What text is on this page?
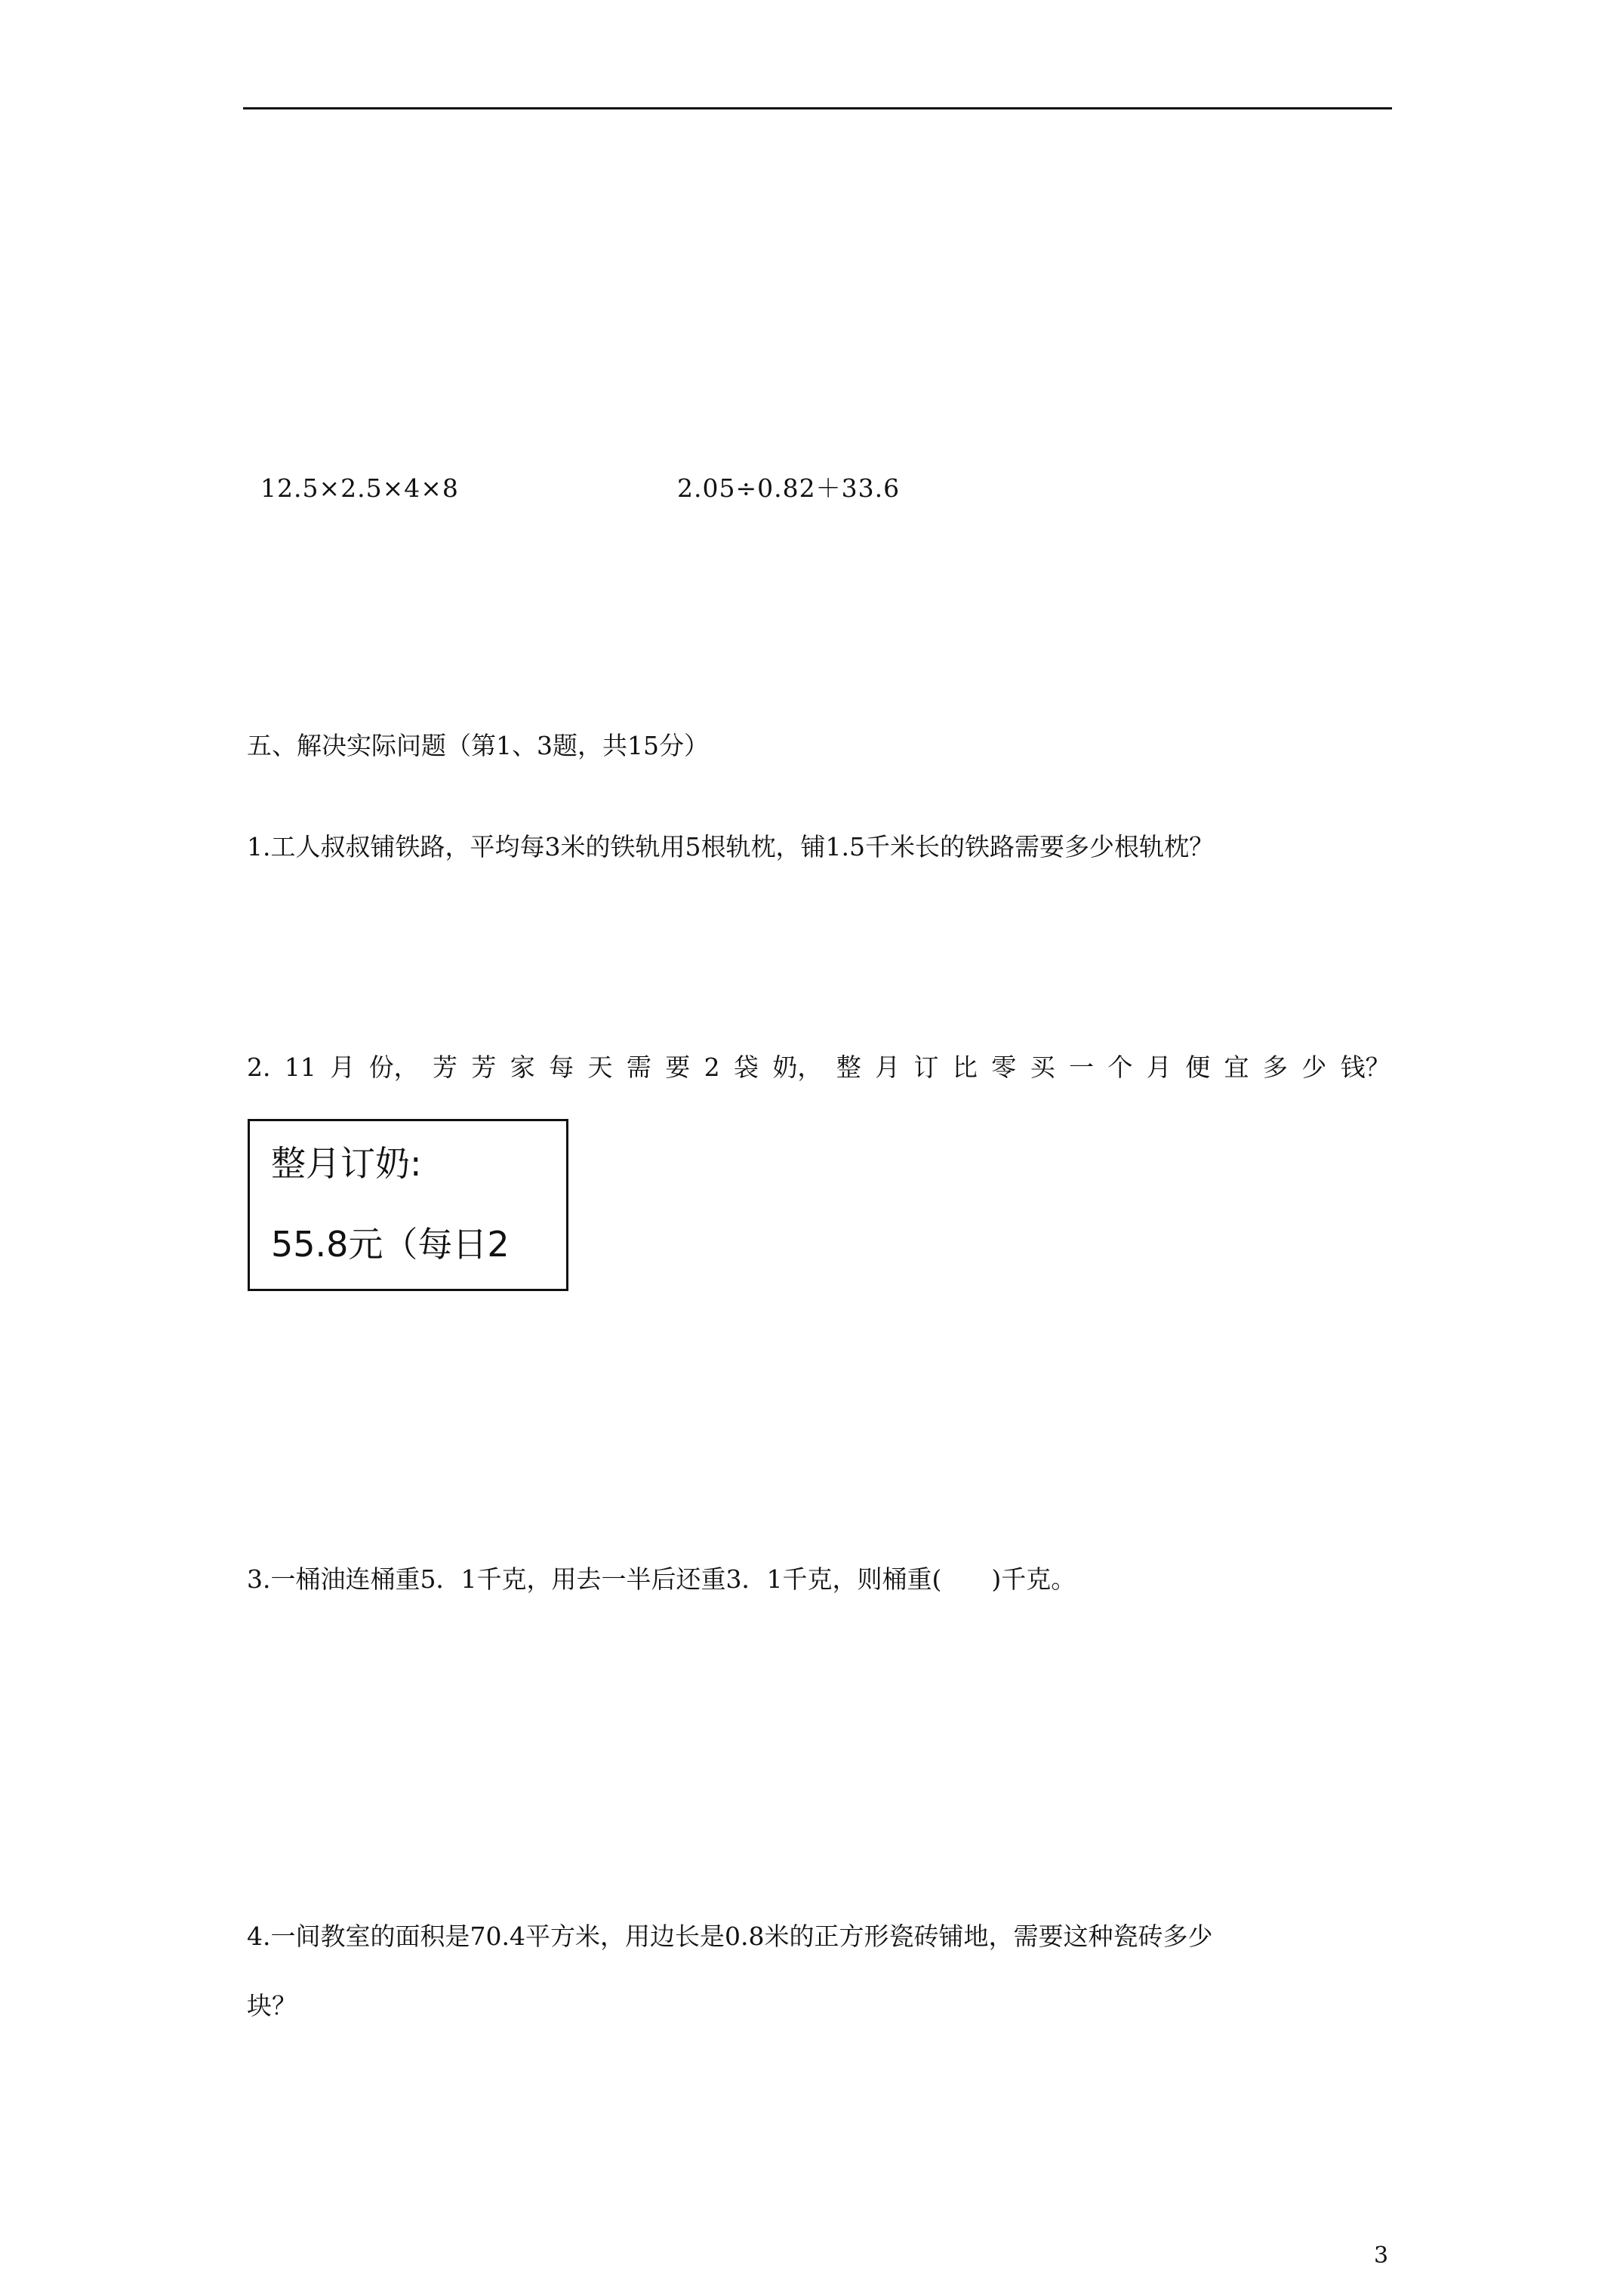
12.5×2.5×4×8	2.05÷0.82＋33.6
五、解决实际问题（第1、3题，共15分）
1.工人叔叔铺铁路，平均每3米的铁轨用5根轨枕，铺1.5千米长的铁路需要多少根轨枕？
2. 11 月 份， 芳 芳 家 每 天 需 要 2 袋 奶， 整 月 订 比 零 买 一 个 月 便 宜 多 少 钱？
整月订奶:
55.8元（每日2
3.一桶油连桶重5．1千克，用去一半后还重3．1千克，则桶重(　　)千克。
4.一间教室的面积是70.4平方米，用边长是0.8米的正方形瓷砖铺地，需要这种瓷砖多少
块？
3
